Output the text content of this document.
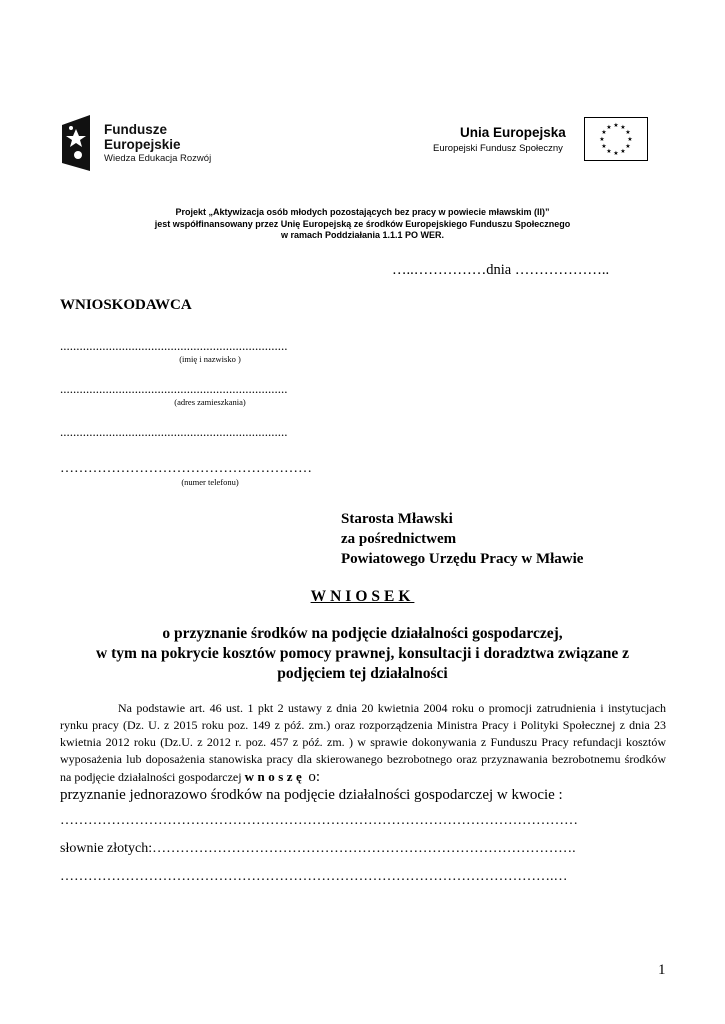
Fundusze
Europejskie
Wiedza Edukacja Rozwój
Unia Europejska
Europejski Fundusz Społeczny
★ ★
★
★
★
★
★
★
★
★
★
★
Projekt „Aktywizacja osób młodych pozostających bez pracy w powiecie mławskim (II)”
jest współfinansowany przez Unię Europejską ze środków Europejskiego Funduszu Społecznego
w ramach Poddziałania 1.1.1 PO WER.
…..……………dnia ………………..
WNIOSKODAWCA
......................................................................
(imię i nazwisko )
......................................................................
(adres zamieszkania)
......................................................................
………………………………………………
(numer telefonu)
Starosta Mławski
za pośrednictwem
Powiatowego Urzędu Pracy w Mławie
WNIOSEK
o przyznanie środków na podjęcie działalności gospodarczej,
w tym na pokrycie kosztów pomocy prawnej, konsultacji i doradztwa związane z
podjęciem tej działalności
Na podstawie art. 46 ust. 1 pkt 2 ustawy z dnia 20 kwietnia 2004 roku o promocji zatrudnienia i instytucjach rynku pracy (Dz. U. z 2015 roku poz. 149 z póź. zm.) oraz rozporządzenia Ministra Pracy i Polityki Społecznej z dnia 23 kwietnia 2012 roku (Dz.U. z 2012 r. poz. 457 z póź. zm. ) w sprawie dokonywania z Funduszu Pracy refundacji kosztów wyposażenia lub doposażenia stanowiska pracy dla skierowanego bezrobotnego oraz przyznawania bezrobotnemu środków na podjęcie działalności gospodarczej wnoszę o:
przyznanie jednorazowo środków na podjęcie działalności gospodarczej w kwocie :
…………………………………………………………………………………………………
słownie złotych:……………………………………………………………………………….
…………………………………………………………………………………………….…
1
